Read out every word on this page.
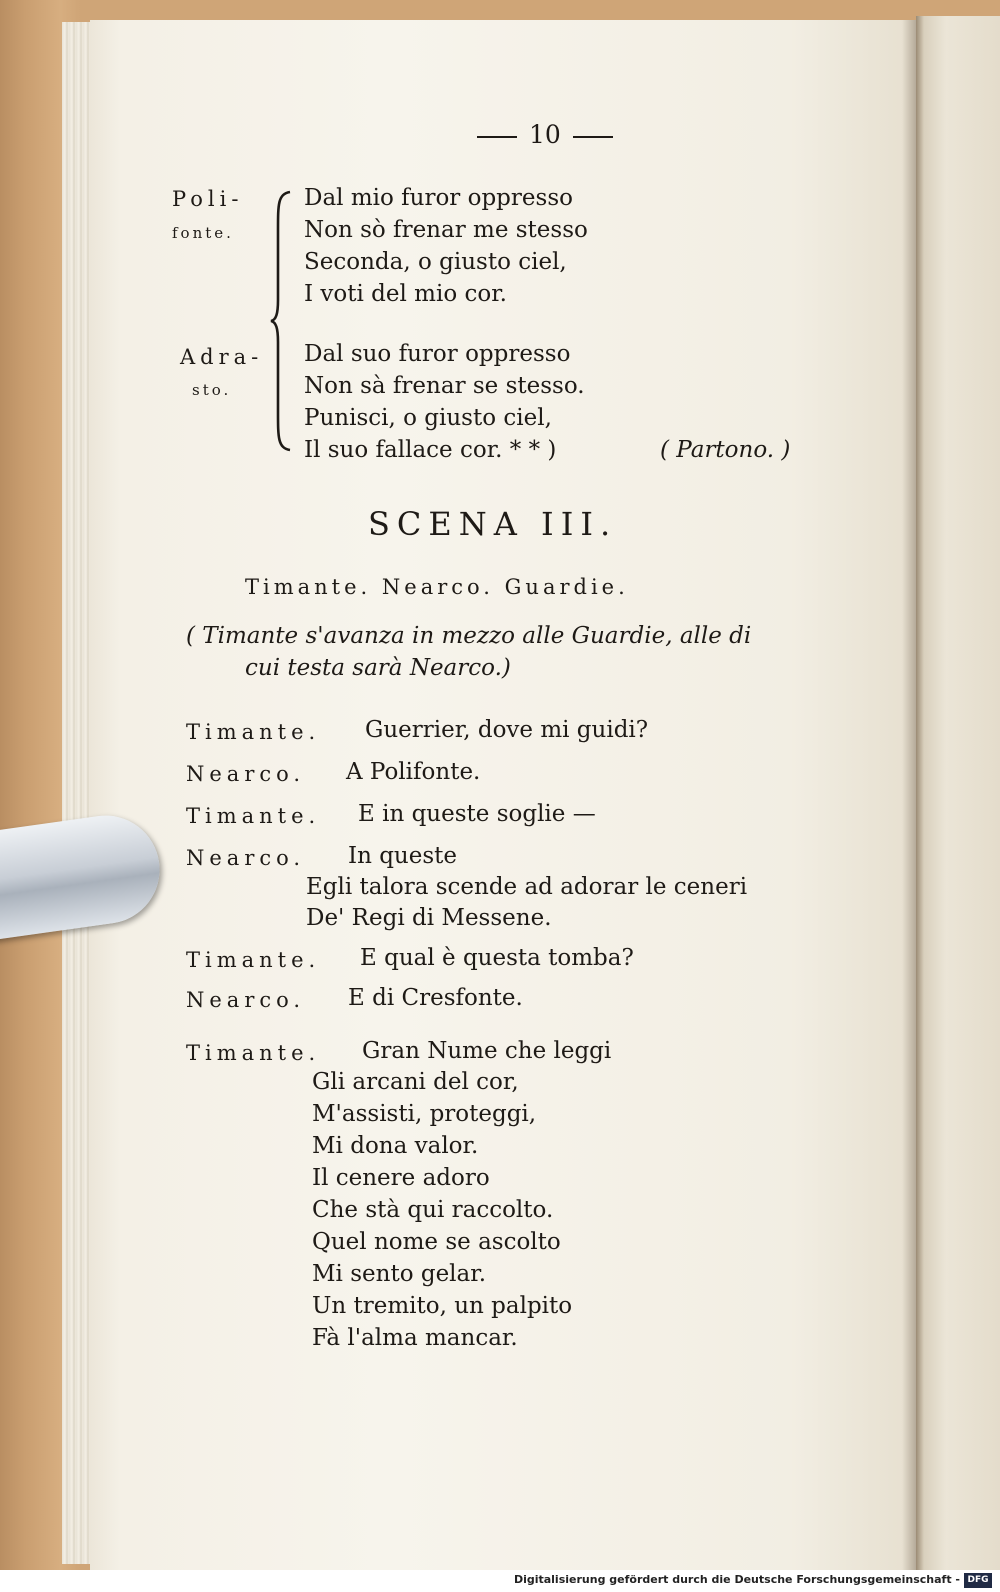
10
Poli-
fonte.
Adra-
sto.
Dal mio furor oppresso
Non sò frenar me stesso
Seconda, o giusto ciel,
I voti del mio cor.
Dal suo furor oppresso
Non sà frenar se stesso.
Punisci, o giusto ciel,
Il suo fallace cor. * * )	( Partono. )
SCENA III.
Timante. Nearco. Guardie.
( Timante s'avanza in mezzo alle Guardie, alle di
cui testa sarà Nearco.)
Timante. Guerrier, dove mi guidi?
Nearco. A Polifonte.
Timante. E in queste soglie —
Nearco. In queste
Egli talora scende ad adorar le ceneri
De' Regi di Messene.
Timante. E qual è questa tomba?
Nearco. E di Cresfonte.
Timante. Gran Nume che leggi
Gli arcani del cor,
M'assisti, proteggi,
Mi dona valor.
Il cenere adoro
Che stà qui raccolto.
Quel nome se ascolto
Mi sento gelar.
Un tremito, un palpito
Fà l'alma mancar.
Digitalisierung gefördert durch die Deutsche Forschungsgemeinschaft - DFG
